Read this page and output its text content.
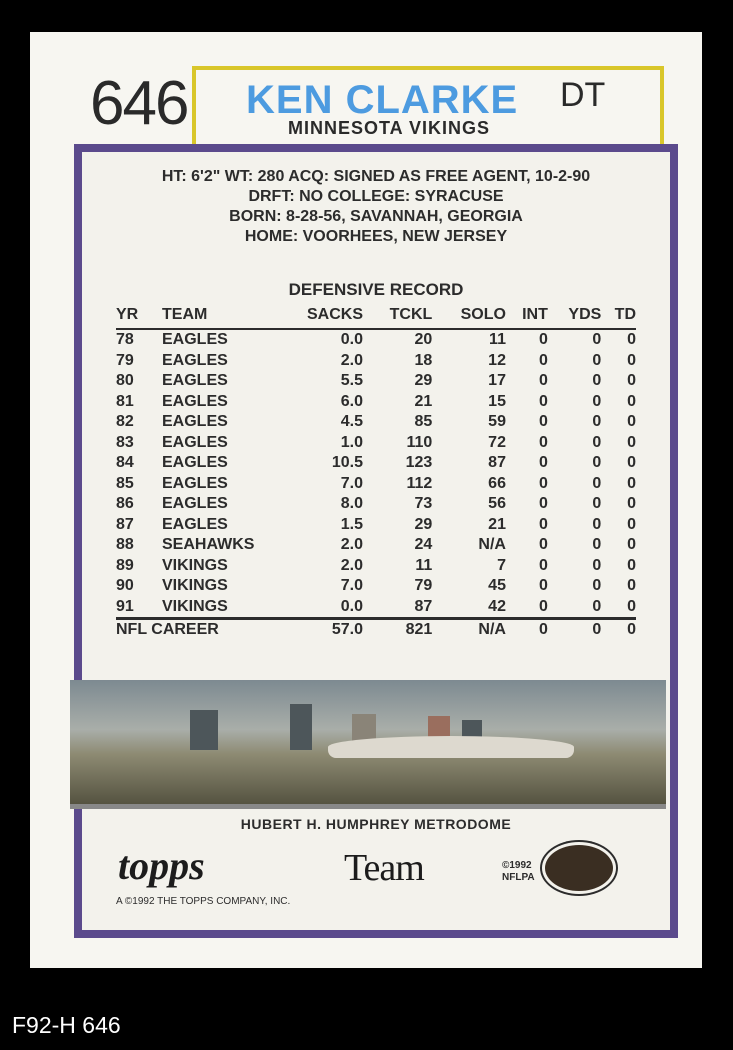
646 KEN CLARKE DT
MINNESOTA VIKINGS
HT: 6'2" WT: 280 ACQ: SIGNED AS FREE AGENT, 10-2-90
DRFT: NO COLLEGE: SYRACUSE
BORN: 8-28-56, SAVANNAH, GEORGIA
HOME: VOORHEES, NEW JERSEY
DEFENSIVE RECORD
YR	TEAM	SACKS	TCKL	SOLO	INT	YDS	TD
78	EAGLES	0.0	20	11	0	0	0
79	EAGLES	2.0	18	12	0	0	0
80	EAGLES	5.5	29	17	0	0	0
81	EAGLES	6.0	21	15	0	0	0
82	EAGLES	4.5	85	59	0	0	0
83	EAGLES	1.0	110	72	0	0	0
84	EAGLES	10.5	123	87	0	0	0
85	EAGLES	7.0	112	66	0	0	0
86	EAGLES	8.0	73	56	0	0	0
87	EAGLES	1.5	29	21	0	0	0
88	SEAHAWKS	2.0	24	N/A	0	0	0
89	VIKINGS	2.0	11	7	0	0	0
90	VIKINGS	7.0	79	45	0	0	0
91	VIKINGS	0.0	87	42	0	0	0
NFL CAREER		57.0	821	N/A	0	0	0
HUBERT H. HUMPHREY METRODOME
topps
A ©1992 THE TOPPS COMPANY, INC.
Team	©1992
NFLPA
F92-H 646
